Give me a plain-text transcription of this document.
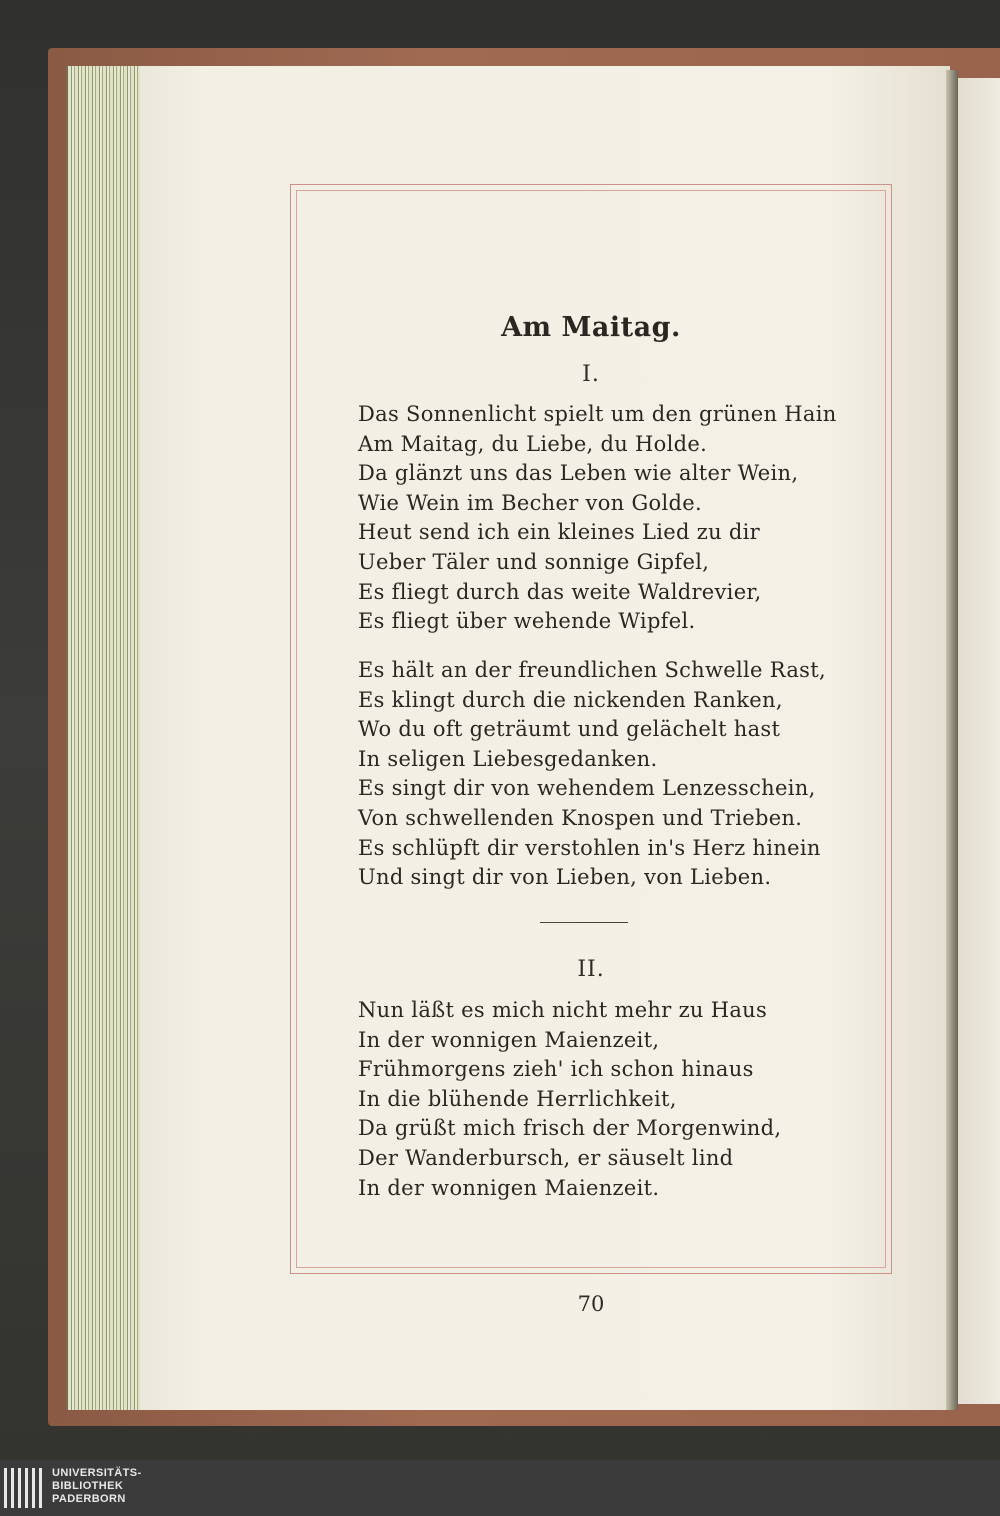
Am Maitag.
I.
Das Sonnenlicht spielt um den grünen Hain
Am Maitag, du Liebe, du Holde.
Da glänzt uns das Leben wie alter Wein,
Wie Wein im Becher von Golde.
Heut send ich ein kleines Lied zu dir
Ueber Täler und sonnige Gipfel,
Es fliegt durch das weite Waldrevier,
Es fliegt über wehende Wipfel.
Es hält an der freundlichen Schwelle Rast,
Es klingt durch die nickenden Ranken,
Wo du oft geträumt und gelächelt hast
In seligen Liebesgedanken.
Es singt dir von wehendem Lenzesschein,
Von schwellenden Knospen und Trieben.
Es schlüpft dir verstohlen in's Herz hinein
Und singt dir von Lieben, von Lieben.
II.
Nun läßt es mich nicht mehr zu Haus
In der wonnigen Maienzeit,
Frühmorgens zieh' ich schon hinaus
In die blühende Herrlichkeit,
Da grüßt mich frisch der Morgenwind,
Der Wanderbursch, er säuselt lind
In der wonnigen Maienzeit.
70
UNIVERSITÄTS-
BIBLIOTHEK
PADERBORN
